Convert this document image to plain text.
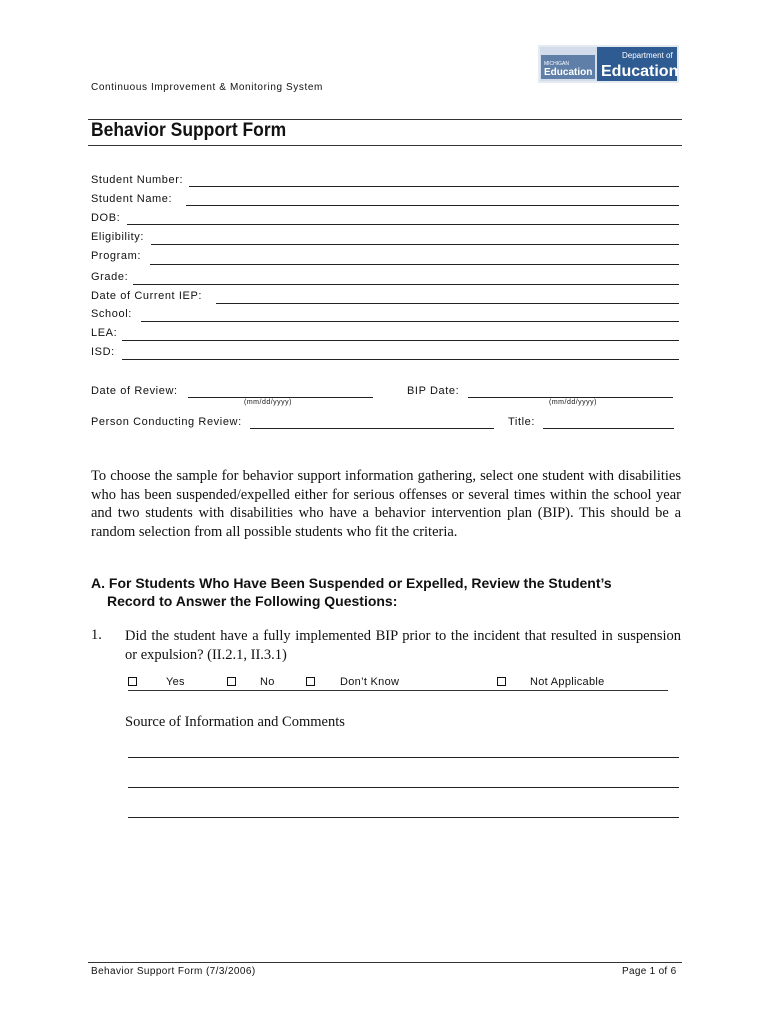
Continuous Improvement & Monitoring System
MICHIGAN
Education
Department of
Education
Behavior Support Form
Student Number:
Student Name:
DOB:
Eligibility:
Program:
Grade:
Date of Current IEP:
School:
LEA:
ISD:
Date of Review:
(mm/dd/yyyy)
BIP Date:
(mm/dd/yyyy)
Person Conducting Review:	Title:
To choose the sample for behavior support information gathering, select one student with disabilities who has been suspended/expelled either for serious offenses or several times within the school year and two students with disabilities who have a behavior intervention plan (BIP). This should be a random selection from all possible students who fit the criteria.
A. For Students Who Have Been Suspended or Expelled, Review the Student’s
Record to Answer the Following Questions:
1. Did the student have a fully implemented BIP prior to the incident that resulted in suspension or expulsion? (II.2.1, II.3.1)
Yes	No	Don’t Know	Not Applicable
Source of Information and Comments
Behavior Support Form (7/3/2006)	Page 1 of 6
